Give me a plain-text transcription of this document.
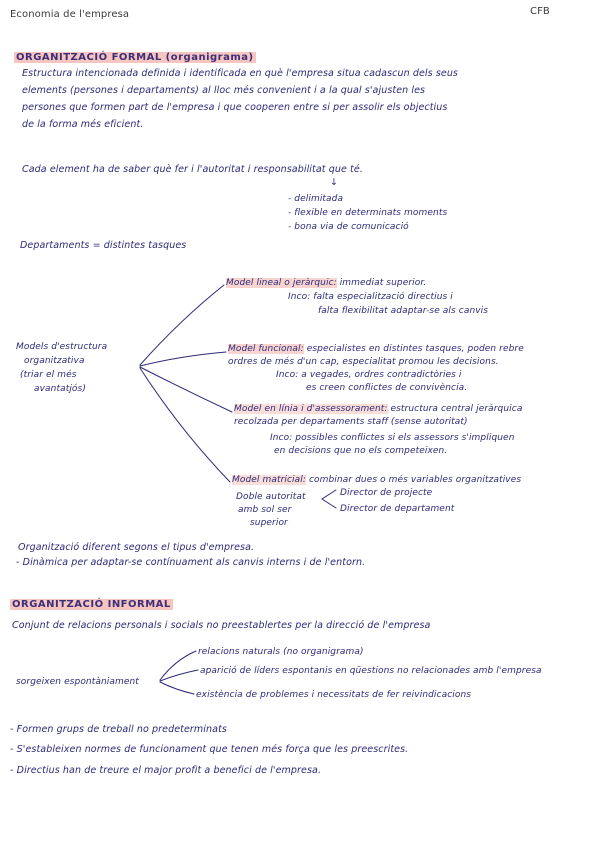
Economia de l'empresa	CFB
ORGANITZACIÓ FORMAL (organigrama)
Estructura intencionada definida i identificada en què l'empresa situa cadascun dels seus
elements (persones i departaments) al lloc més convenient i a la qual s'ajusten les
persones que formen part de l'empresa i que cooperen entre si per assolir els objectius
de la forma més eficient.
Cada element ha de saber què fer i l'autoritat i responsabilitat que té.
↓
- delimitada
- flexible en determinats moments
- bona via de comunicació
Departaments = distintes tasques
Models d'estructura
organitzativa
(triar el més
avantatjós)
Model lineal o jeràrquic: immediat superior.
Inco: falta especialització directius i
falta flexibilitat adaptar-se als canvis
Model funcional: especialistes en distintes tasques, poden rebre
ordres de més d'un cap, especialitat promou les decisions.
Inco: a vegades, ordres contradictòries i
es creen conflictes de convivència.
Model en línia i d'assessorament: estructura central jeràrquica
recolzada per departaments staff (sense autoritat)
Inco: possibles conflictes si els assessors s'impliquen
en decisions que no els competeixen.
Model matricial: combinar dues o més variables organitzatives
Doble autoritat
amb sol ser
superior
Director de projecte
Director de departament
Organització diferent segons el tipus d'empresa.
- Dinàmica per adaptar-se contínuament als canvis interns i de l'entorn.
ORGANITZACIÓ INFORMAL
Conjunt de relacions personals i socials no preestablertes per la direcció de l'empresa
sorgeixen espontàniament
relacions naturals (no organigrama)
aparició de líders espontanis en qüestions no relacionades amb l'empresa
existència de problemes i necessitats de fer reivindicacions
- Formen grups de treball no predeterminats
- S'estableixen normes de funcionament que tenen més força que les preescrites.
- Directius han de treure el major profit a benefici de l'empresa.
